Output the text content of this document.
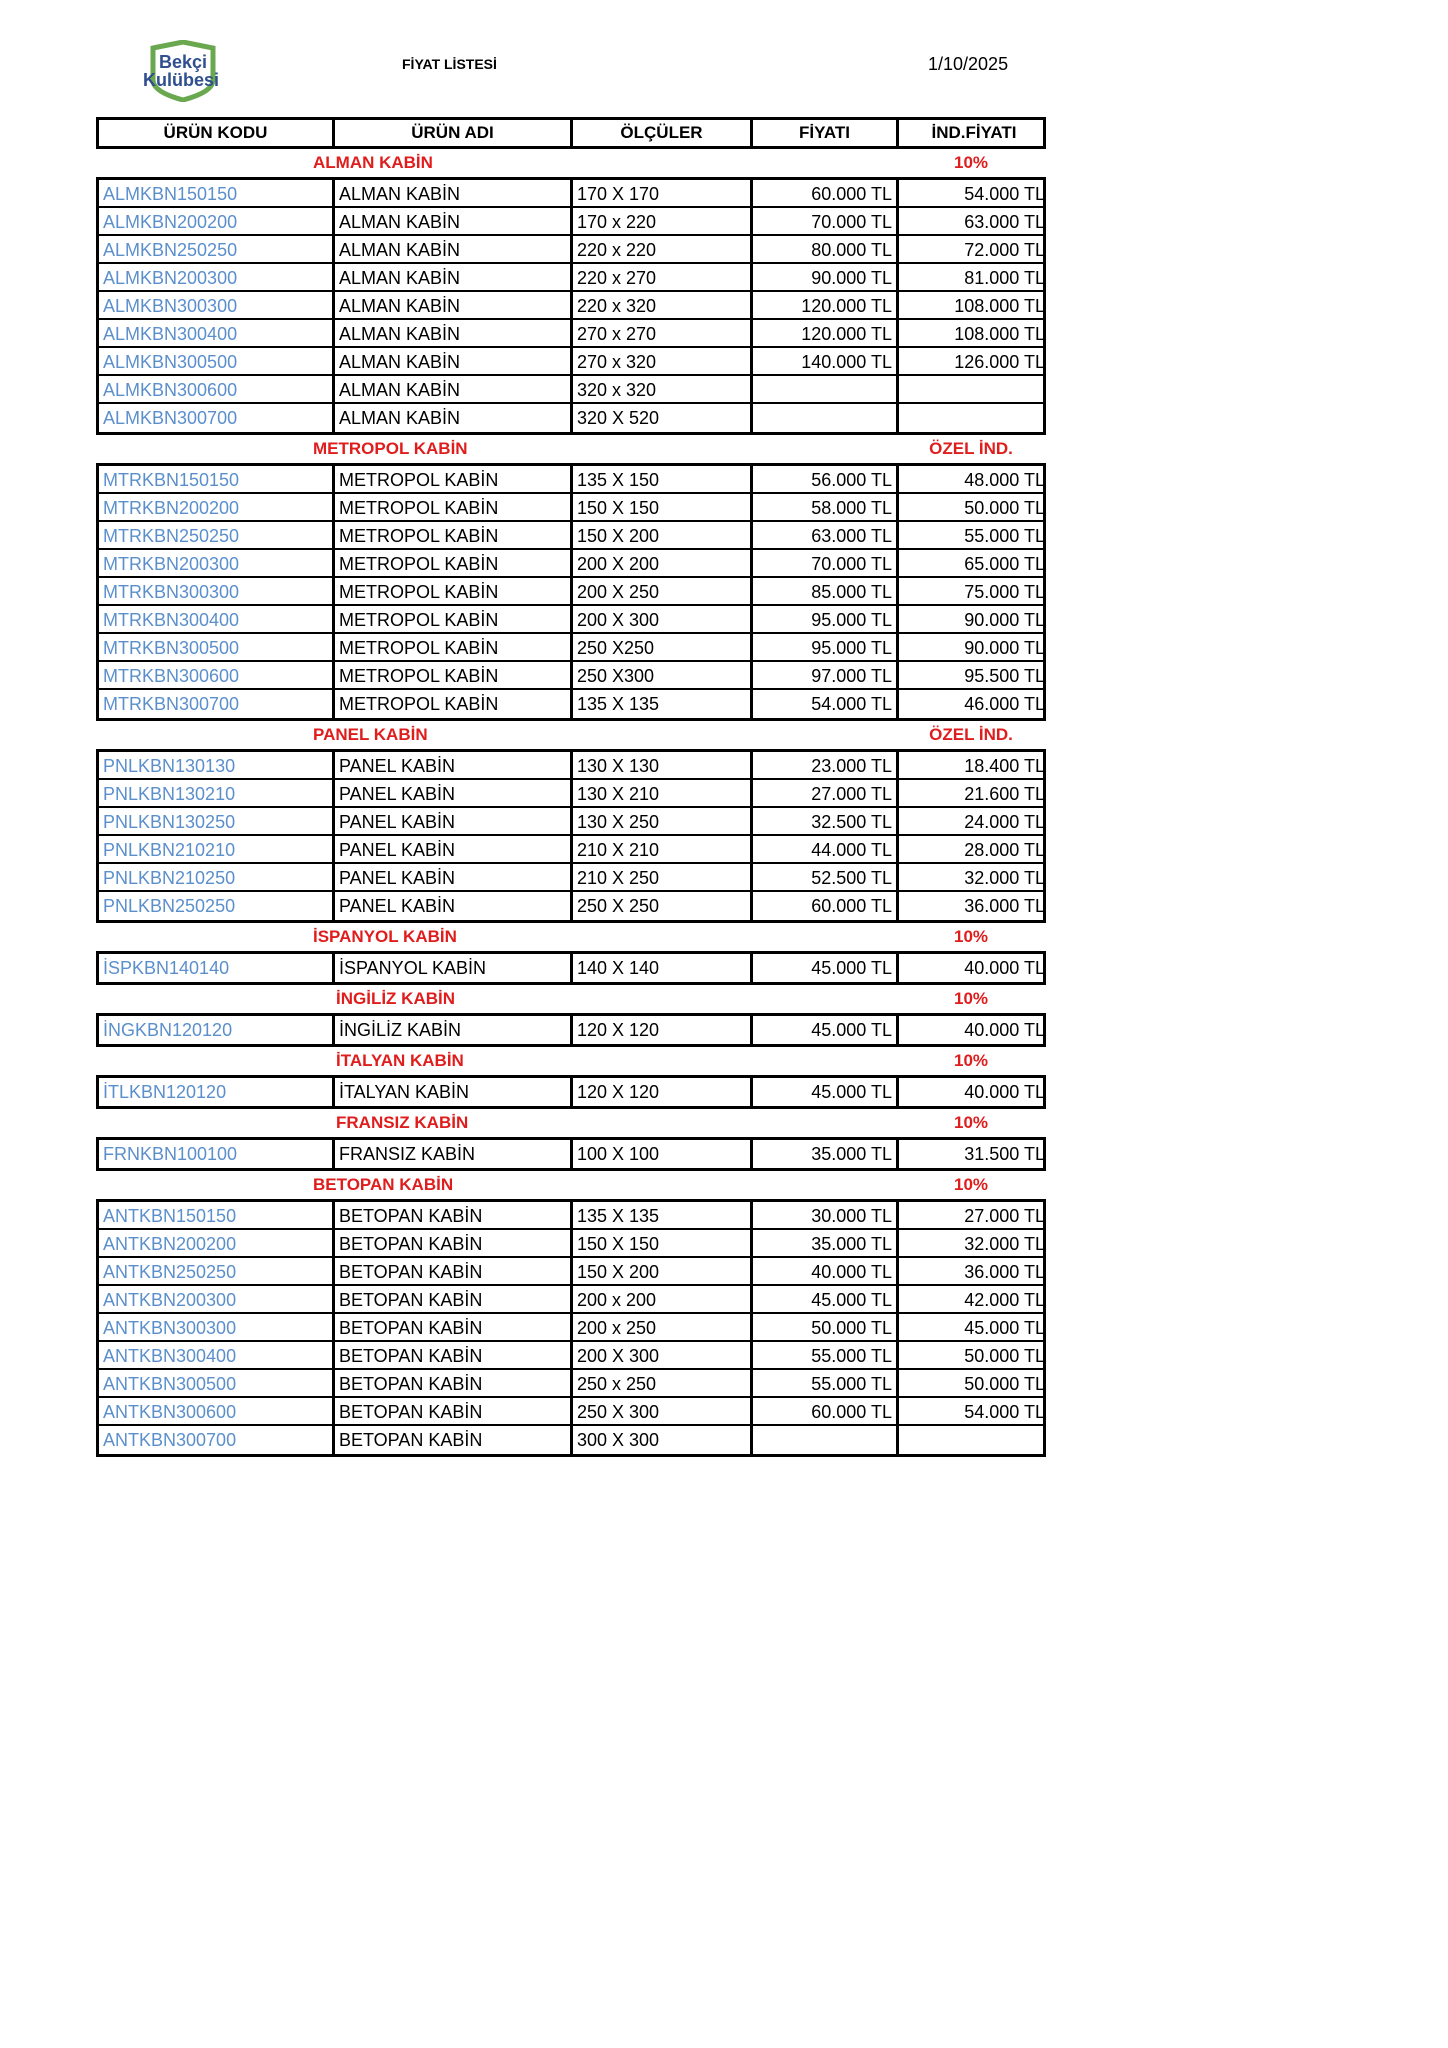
Bekçi
Kulübesi
FİYAT LİSTESİ	1/10/2025
ÜRÜN KODU	ÜRÜN ADI	ÖLÇÜLER	FİYATI	İND.FİYATI
ALMAN KABİN	10%
ALMKBN150150	ALMAN KABİN	170 X 170	60.000 TL	54.000 TL
ALMKBN200200	ALMAN KABİN	170 x 220	70.000 TL	63.000 TL
ALMKBN250250	ALMAN KABİN	220 x 220	80.000 TL	72.000 TL
ALMKBN200300	ALMAN KABİN	220 x 270	90.000 TL	81.000 TL
ALMKBN300300	ALMAN KABİN	220 x 320	120.000 TL	108.000 TL
ALMKBN300400	ALMAN KABİN	270 x 270	120.000 TL	108.000 TL
ALMKBN300500	ALMAN KABİN	270 x 320	140.000 TL	126.000 TL
ALMKBN300600	ALMAN KABİN	320 x 320
ALMKBN300700	ALMAN KABİN	320 X 520
METROPOL KABİN	ÖZEL İND.
MTRKBN150150	METROPOL KABİN	135 X 150	56.000 TL	48.000 TL
MTRKBN200200	METROPOL KABİN	150 X 150	58.000 TL	50.000 TL
MTRKBN250250	METROPOL KABİN	150 X 200	63.000 TL	55.000 TL
MTRKBN200300	METROPOL KABİN	200 X 200	70.000 TL	65.000 TL
MTRKBN300300	METROPOL KABİN	200 X 250	85.000 TL	75.000 TL
MTRKBN300400	METROPOL KABİN	200 X 300	95.000 TL	90.000 TL
MTRKBN300500	METROPOL KABİN	250 X250	95.000 TL	90.000 TL
MTRKBN300600	METROPOL KABİN	250 X300	97.000 TL	95.500 TL
MTRKBN300700	METROPOL KABİN	135 X 135	54.000 TL	46.000 TL
PANEL KABİN	ÖZEL İND.
PNLKBN130130	PANEL KABİN	130 X 130	23.000 TL	18.400 TL
PNLKBN130210	PANEL KABİN	130 X 210	27.000 TL	21.600 TL
PNLKBN130250	PANEL KABİN	130 X 250	32.500 TL	24.000 TL
PNLKBN210210	PANEL KABİN	210 X 210	44.000 TL	28.000 TL
PNLKBN210250	PANEL KABİN	210 X 250	52.500 TL	32.000 TL
PNLKBN250250	PANEL KABİN	250 X 250	60.000 TL	36.000 TL
İSPANYOL KABİN	10%
İSPKBN140140	İSPANYOL KABİN	140 X 140	45.000 TL	40.000 TL
İNGİLİZ KABİN	10%
İNGKBN120120	İNGİLİZ KABİN	120 X 120	45.000 TL	40.000 TL
İTALYAN KABİN	10%
İTLKBN120120	İTALYAN KABİN	120 X 120	45.000 TL	40.000 TL
FRANSIZ KABİN	10%
FRNKBN100100	FRANSIZ KABİN	100 X 100	35.000 TL	31.500 TL
BETOPAN KABİN	10%
ANTKBN150150	BETOPAN KABİN	135 X 135	30.000 TL	27.000 TL
ANTKBN200200	BETOPAN KABİN	150 X 150	35.000 TL	32.000 TL
ANTKBN250250	BETOPAN KABİN	150 X 200	40.000 TL	36.000 TL
ANTKBN200300	BETOPAN KABİN	200 x 200	45.000 TL	42.000 TL
ANTKBN300300	BETOPAN KABİN	200 x 250	50.000 TL	45.000 TL
ANTKBN300400	BETOPAN KABİN	200 X 300	55.000 TL	50.000 TL
ANTKBN300500	BETOPAN KABİN	250 x 250	55.000 TL	50.000 TL
ANTKBN300600	BETOPAN KABİN	250 X 300	60.000 TL	54.000 TL
ANTKBN300700	BETOPAN KABİN	300 X 300
